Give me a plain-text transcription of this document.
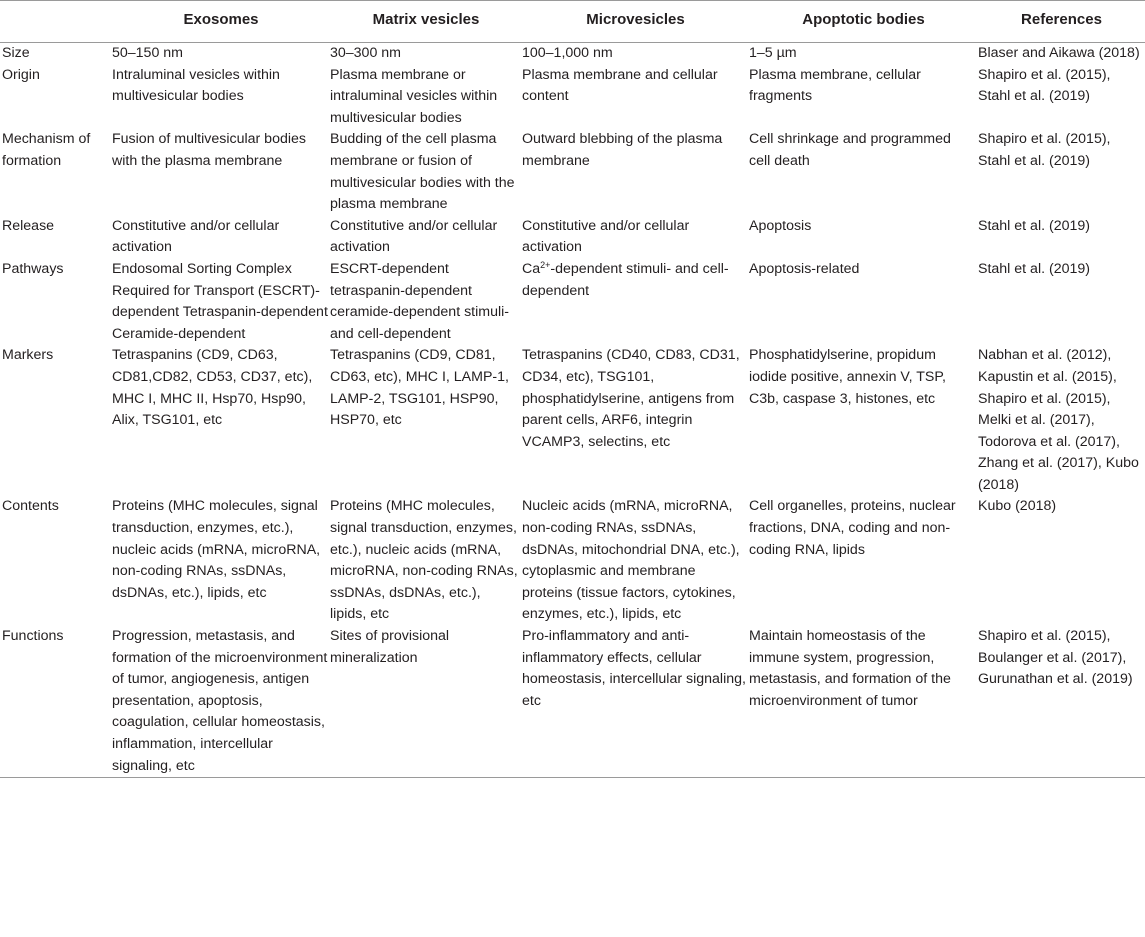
	Exosomes	Matrix vesicles	Microvesicles	Apoptotic bodies	References
Size	50–150 nm	30–300 nm	100–1,000 nm	1–5 µm	Blaser and Aikawa (2018)
Origin	Intraluminal vesicles within multivesicular bodies	Plasma membrane or intraluminal vesicles within multivesicular bodies	Plasma membrane and cellular content	Plasma membrane, cellular fragments	Shapiro et al. (2015), Stahl et al. (2019)
Mechanism of formation	Fusion of multivesicular bodies with the plasma membrane	Budding of the cell plasma membrane or fusion of multivesicular bodies with the plasma membrane	Outward blebbing of the plasma membrane	Cell shrinkage and programmed cell death	Shapiro et al. (2015), Stahl et al. (2019)
Release	Constitutive and/or cellular activation	Constitutive and/or cellular activation	Constitutive and/or cellular activation	Apoptosis	Stahl et al. (2019)
Pathways	Endosomal Sorting Complex Required for Transport (ESCRT)-dependent Tetraspanin-dependent Ceramide-dependent	ESCRT-dependent tetraspanin-dependent ceramide-dependent stimuli- and cell-dependent	$Ca^{2+}$-dependent stimuli- and cell-dependent	Apoptosis-related	Stahl et al. (2019)
Markers	Tetraspanins (CD9, CD63, CD81,CD82, CD53, CD37, etc), MHC I, MHC II, Hsp70, Hsp90, Alix, TSG101, etc	Tetraspanins (CD9, CD81, CD63, etc), MHC I, LAMP-1, LAMP-2, TSG101, HSP90, HSP70, etc	Tetraspanins (CD40, CD83, CD31, CD34, etc), TSG101, phosphatidylserine, antigens from parent cells, ARF6, integrin VCAMP3, selectins, etc	Phosphatidylserine, propidum iodide positive, annexin V, TSP, C3b, caspase 3, histones, etc	Nabhan et al. (2012), Kapustin et al. (2015), Shapiro et al. (2015), Melki et al. (2017), Todorova et al. (2017), Zhang et al. (2017), Kubo (2018)
Contents	Proteins (MHC molecules, signal transduction, enzymes, etc.), nucleic acids (mRNA, microRNA, non-coding RNAs, ssDNAs, dsDNAs, etc.), lipids, etc	Proteins (MHC molecules, signal transduction, enzymes, etc.), nucleic acids (mRNA, microRNA, non-coding RNAs, ssDNAs, dsDNAs, etc.), lipids, etc	Nucleic acids (mRNA, microRNA, non-coding RNAs, ssDNAs, dsDNAs, mitochondrial DNA, etc.), cytoplasmic and membrane proteins (tissue factors, cytokines, enzymes, etc.), lipids, etc	Cell organelles, proteins, nuclear fractions, DNA, coding and non-coding RNA, lipids	Kubo (2018)
Functions	Progression, metastasis, and formation of the microenvironment of tumor, angiogenesis, antigen presentation, apoptosis, coagulation, cellular homeostasis, inflammation, intercellular signaling, etc	Sites of provisional mineralization	Pro-inflammatory and anti-inflammatory effects, cellular homeostasis, intercellular signaling, etc	Maintain homeostasis of the immune system, progression, metastasis, and formation of the microenvironment of tumor	Shapiro et al. (2015), Boulanger et al. (2017), Gurunathan et al. (2019)
